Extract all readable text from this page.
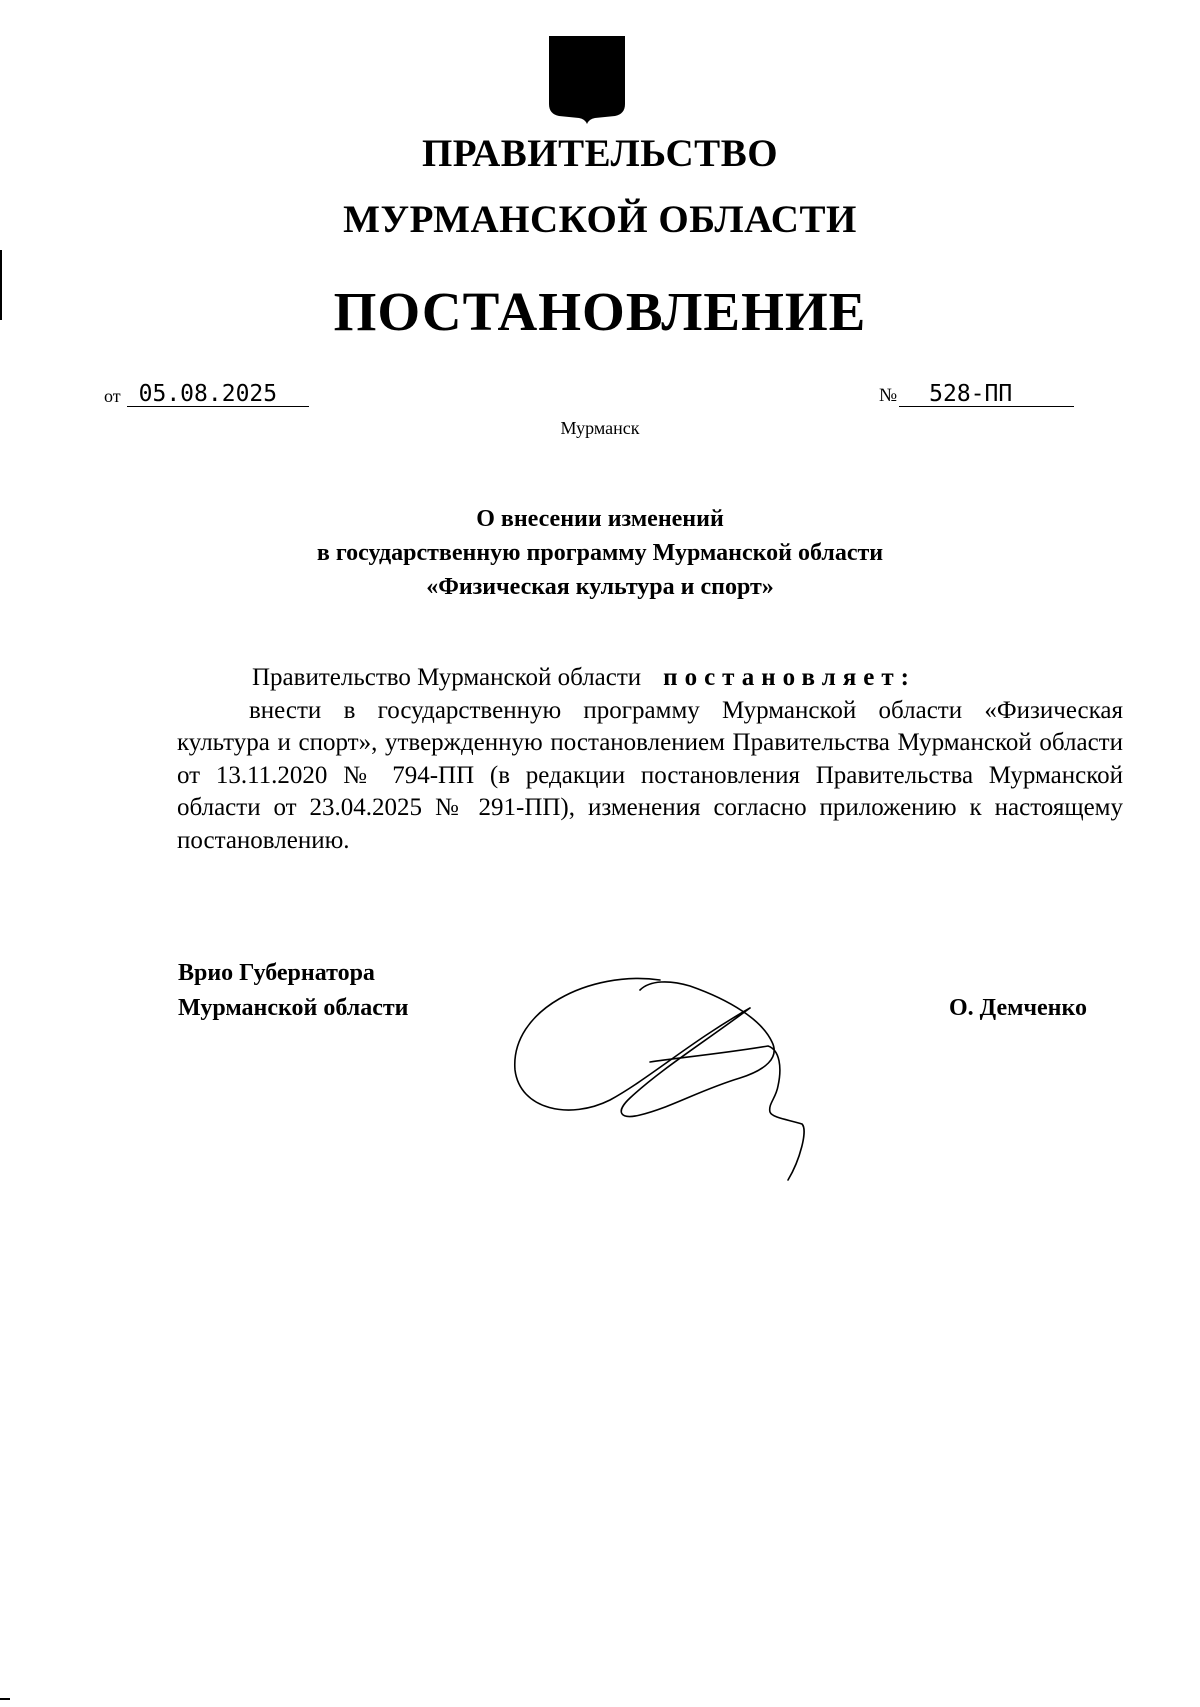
ПРАВИТЕЛЬСТВО
МУРМАНСКОЙ ОБЛАСТИ
ПОСТАНОВЛЕНИЕ
от 05.08.2025	№	528-ПП
Мурманск
О внесении изменений
в государственную программу Мурманской области
«Физическая культура и спорт»

Правительство Мурманской области постановляет:

внести в государственную программу Мурманской области «Физическая культура и спорт», утвержденную постановлением Правительства Мурманской области от 13.11.2020 № 794-ПП (в редакции постановления Правительства Мурманской области от 23.04.2025 № 291-ПП), изменения согласно приложению к настоящему постановлению.

Врио Губернатора
Мурманской области	О. Демченко
